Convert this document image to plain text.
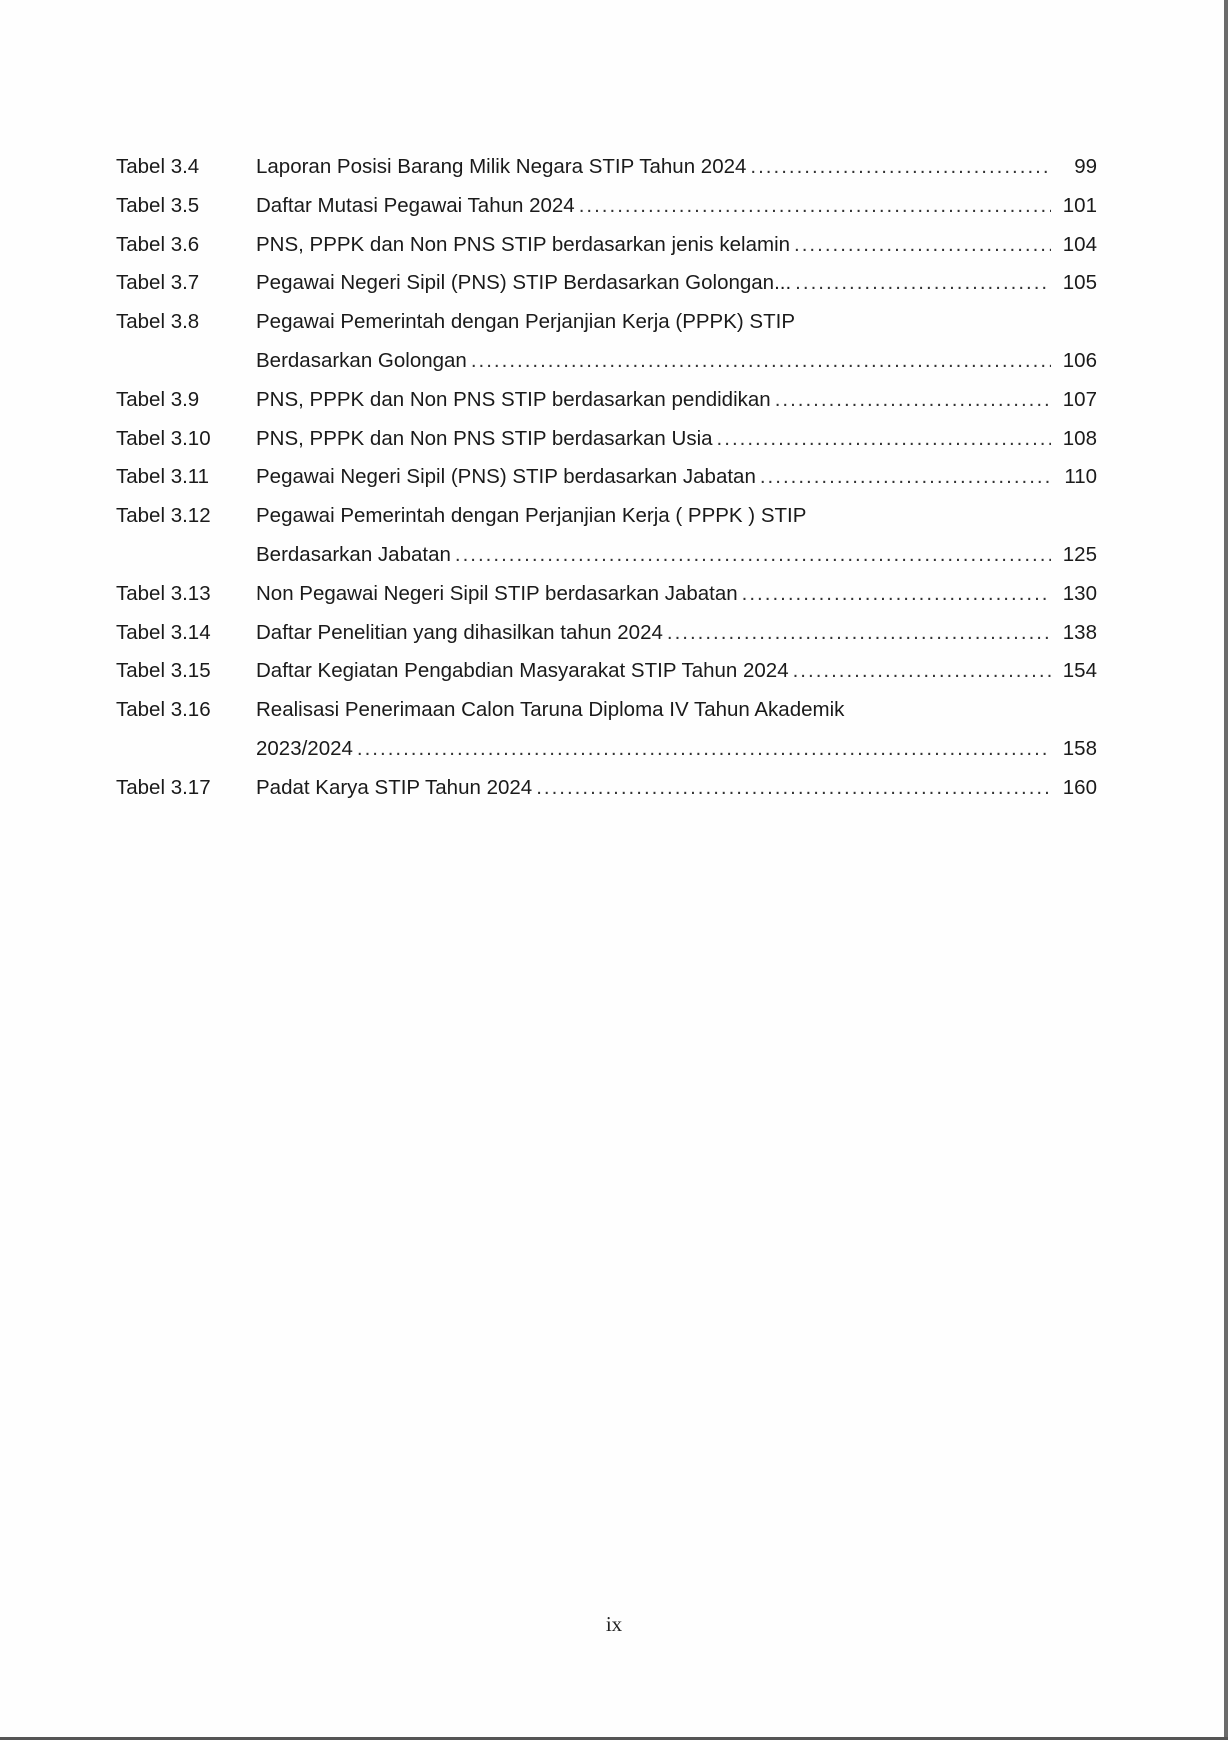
Tabel 3.4	Laporan Posisi Barang Milik Negara STIP Tahun 2024 .....	99
Tabel 3.5	Daftar Mutasi Pegawai Tahun 2024 .....	101
Tabel 3.6	PNS, PPPK dan Non PNS STIP berdasarkan jenis kelamin .....	104
Tabel 3.7	Pegawai Negeri Sipil (PNS) STIP Berdasarkan Golongan... .....	105
Tabel 3.8	Pegawai Pemerintah dengan Perjanjian Kerja (PPPK) STIP
Berdasarkan Golongan .....	106
Tabel 3.9	PNS, PPPK dan Non PNS STIP berdasarkan pendidikan .....	107
Tabel 3.10	PNS, PPPK dan Non PNS STIP berdasarkan Usia .....	108
Tabel 3.11	Pegawai Negeri Sipil (PNS) STIP berdasarkan Jabatan .....	110
Tabel 3.12	Pegawai Pemerintah dengan Perjanjian Kerja ( PPPK ) STIP
Berdasarkan Jabatan .....	125
Tabel 3.13	Non Pegawai Negeri Sipil STIP berdasarkan Jabatan .....	130
Tabel 3.14	Daftar Penelitian yang dihasilkan tahun 2024 .....	138
Tabel 3.15	Daftar Kegiatan Pengabdian Masyarakat STIP Tahun 2024 .....	154
Tabel 3.16	Realisasi Penerimaan Calon Taruna Diploma IV Tahun Akademik
2023/2024 .....	158
Tabel 3.17	Padat Karya STIP Tahun 2024 .....	160
ix
